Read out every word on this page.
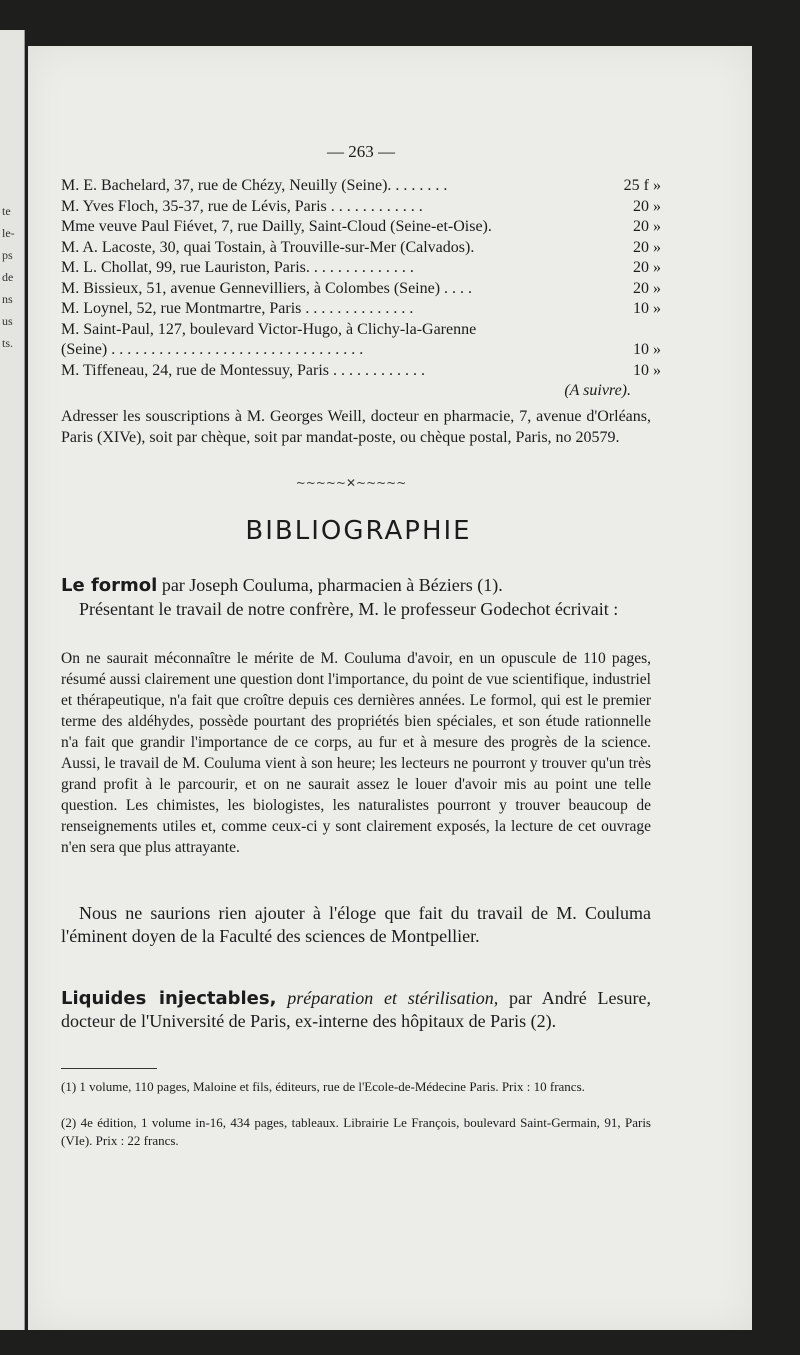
te
le-
ps
de
ns
us
ts.
— 263 —
M. E. Bachelard, 37, rue de Chézy, Neuilly (Seine). . . . . . . .	25 f »
M. Yves Floch, 35-37, rue de Lévis, Paris . . . . . . . . . . . .	20 »
Mme veuve Paul Fiévet, 7, rue Dailly, Saint-Cloud (Seine-et-Oise).	20 »
M. A. Lacoste, 30, quai Tostain, à Trouville-sur-Mer (Calvados).	20 »
M. L. Chollat, 99, rue Lauriston, Paris. . . . . . . . . . . . . .	20 »
M. Bissieux, 51, avenue Gennevilliers, à Colombes (Seine) . . . .	20 »
M. Loynel, 52, rue Montmartre, Paris . . . . . . . . . . . . . .	10 »
M. Saint-Paul, 127, boulevard Victor-Hugo, à Clichy-la-Garenne
(Seine) . . . . . . . . . . . . . . . . . . . . . . . . . . . . . . . .	10 »
M. Tiffeneau, 24, rue de Montessuy, Paris . . . . . . . . . . . .	10 »
(A suivre).
Adresser les souscriptions à M. Georges Weill, docteur en pharmacie, 7, avenue d'Orléans, Paris (XIVe), soit par chèque, soit par mandat-poste, ou chèque postal, Paris, no 20579.
~~~~~✕~~~~~
BIBLIOGRAPHIE
Le formol par Joseph Couluma, pharmacien à Béziers (1).
Présentant le travail de notre confrère, M. le professeur Godechot écrivait :
On ne saurait méconnaître le mérite de M. Couluma d'avoir, en un opuscule de 110 pages, résumé aussi clairement une question dont l'importance, du point de vue scientifique, industriel et thérapeutique, n'a fait que croître depuis ces dernières années. Le formol, qui est le premier terme des aldéhydes, possède pourtant des propriétés bien spéciales, et son étude rationnelle n'a fait que grandir l'importance de ce corps, au fur et à mesure des progrès de la science. Aussi, le travail de M. Couluma vient à son heure; les lecteurs ne pourront y trouver qu'un très grand profit à le parcourir, et on ne saurait assez le louer d'avoir mis au point une telle question. Les chimistes, les biologistes, les naturalistes pourront y trouver beaucoup de renseignements utiles et, comme ceux-ci y sont clairement exposés, la lecture de cet ouvrage n'en sera que plus attrayante.
Nous ne saurions rien ajouter à l'éloge que fait du travail de M. Couluma l'éminent doyen de la Faculté des sciences de Montpellier.
Liquides injectables, préparation et stérilisation, par André Lesure, docteur de l'Université de Paris, ex-interne des hôpitaux de Paris (2).
(1) 1 volume, 110 pages, Maloine et fils, éditeurs, rue de l'Ecole-de-Médecine Paris. Prix : 10 francs.
(2) 4e édition, 1 volume in-16, 434 pages, tableaux. Librairie Le François, boulevard Saint-Germain, 91, Paris (VIe). Prix : 22 francs.
